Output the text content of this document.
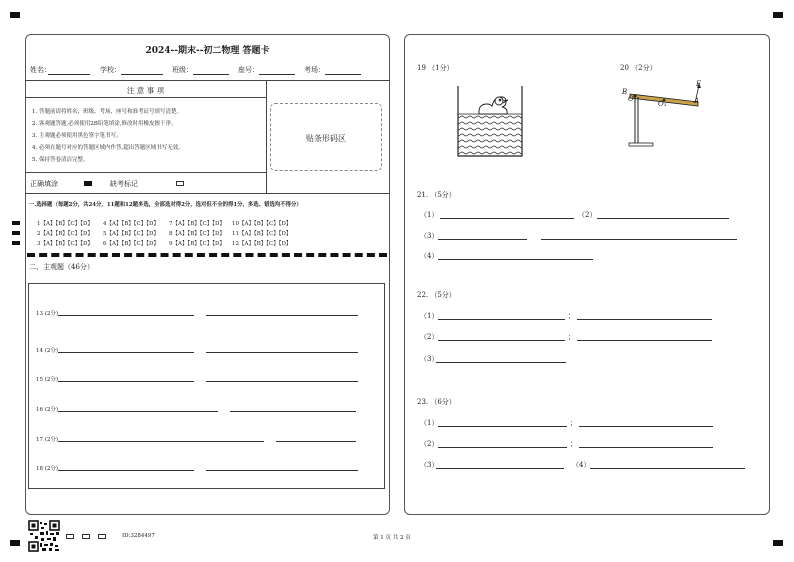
2024--期末--初二物理 答题卡
姓名：	学校：	班级：	座号：	考场：
注 意 事 项
1. 答题前请将姓名、班级、考场、座号和准考证号填写清楚。
2. 客观题答题,必须使用2B铅笔填涂,修改时用橡皮擦干净。
3. 主观题必须使用黑色签字笔书写。
4. 必须在题号对应的答题区域内作答,超出答题区域书写无效。
5. 保持答卷清洁完整。
正确填涂	缺考标记
贴条形码区
一.选择题（每题2分，共24分，11题和12题多选，全部选对得2分，选对但不全的得1分，多选、错选均不得分）
1【A】【B】【C】【D】 4【A】【B】【C】【D】 7【A】【B】【C】【D】 10【A】【B】【C】【D】
2【A】【B】【C】【D】 5【A】【B】【C】【D】 8【A】【B】【C】【D】 11【A】【B】【C】【D】
3【A】【B】【C】【D】 6【A】【B】【C】【D】 9【A】【B】【C】【D】 12【A】【B】【C】【D】
二、主观题（46分）
13 (2分)
14 (2分)
15 (2分)
16 (2分)
17 (2分)
18 (2分)
19 （1分）	20 （2分）
F
B
O
O₁	A
21. （5分）
（1）	（2）
（3）
（4）
22. （5分）
（1）	；
（2）	；
（3）
23. （6分）
（1）	；
（2）	；
（3）	（4）
ID:3284497	第 1 页 共 2 页
